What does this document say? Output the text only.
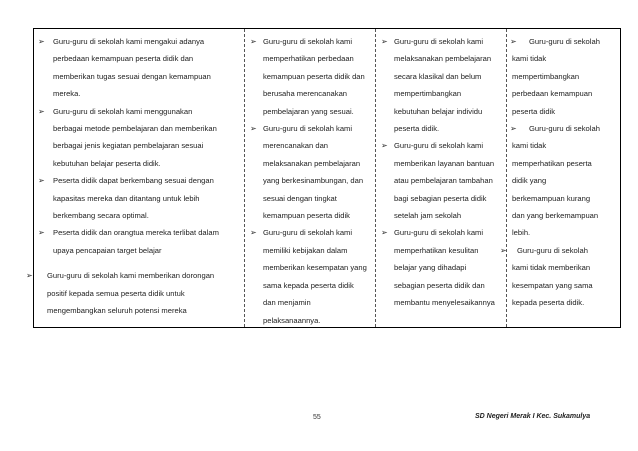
➢ Guru-guru di sekolah kami mengakui adanya
perbedaan kemampuan peserta didik dan
memberikan tugas sesuai dengan kemampuan
mereka.
➢ Guru-guru di sekolah kami menggunakan
berbagai metode pembelajaran dan memberikan
berbagai jenis kegiatan pembelajaran sesuai
kebutuhan belajar peserta didik.
➢ Peserta didik dapat berkembang sesuai dengan
kapasitas mereka dan ditantang untuk lebih
berkembang secara optimal.
➢ Peserta didik dan orangtua mereka terlibat dalam
upaya pencapaian target belajar
➢ Guru-guru di sekolah kami memberikan dorongan
positif kepada semua peserta didik untuk
mengembangkan seluruh potensi mereka
➢ Guru-guru di sekolah kami
memperhatikan perbedaan
kemampuan peserta didik dan
berusaha merencanakan
pembelajaran yang sesuai.
➢ Guru-guru di sekolah kami
merencanakan dan
melaksanakan pembelajaran
yang berkesinambungan, dan
sesuai dengan tingkat
kemampuan peserta didik
➢ Guru-guru di sekolah kami
memiliki kebijakan dalam
memberikan kesempatan yang
sama kepada peserta didik
dan menjamin
pelaksanaannya.
➢ Guru-guru di sekolah kami
melaksanakan pembelajaran
secara klasikal dan belum
mempertimbangkan
kebutuhan belajar individu
peserta didik.
➢ Guru-guru di sekolah kami
memberikan layanan bantuan
atau pembelajaran tambahan
bagi sebagian peserta didik
setelah jam sekolah
➢ Guru-guru di sekolah kami
memperhatikan kesulitan
belajar yang dihadapi
sebagian peserta didik dan
membantu menyelesaikannya
➢	Guru-guru di sekolah
kami tidak
mempertimbangkan
perbedaan kemampuan
peserta didik
➢	Guru-guru di sekolah
kami tidak
memperhatikan peserta
didik yang
berkemampuan kurang
dan yang berkemampuan
lebih.
➢ Guru-guru di sekolah
kami tidak memberikan
kesempatan yang sama
kepada peserta didik.
55	SD Negeri Merak I Kec. Sukamulya
